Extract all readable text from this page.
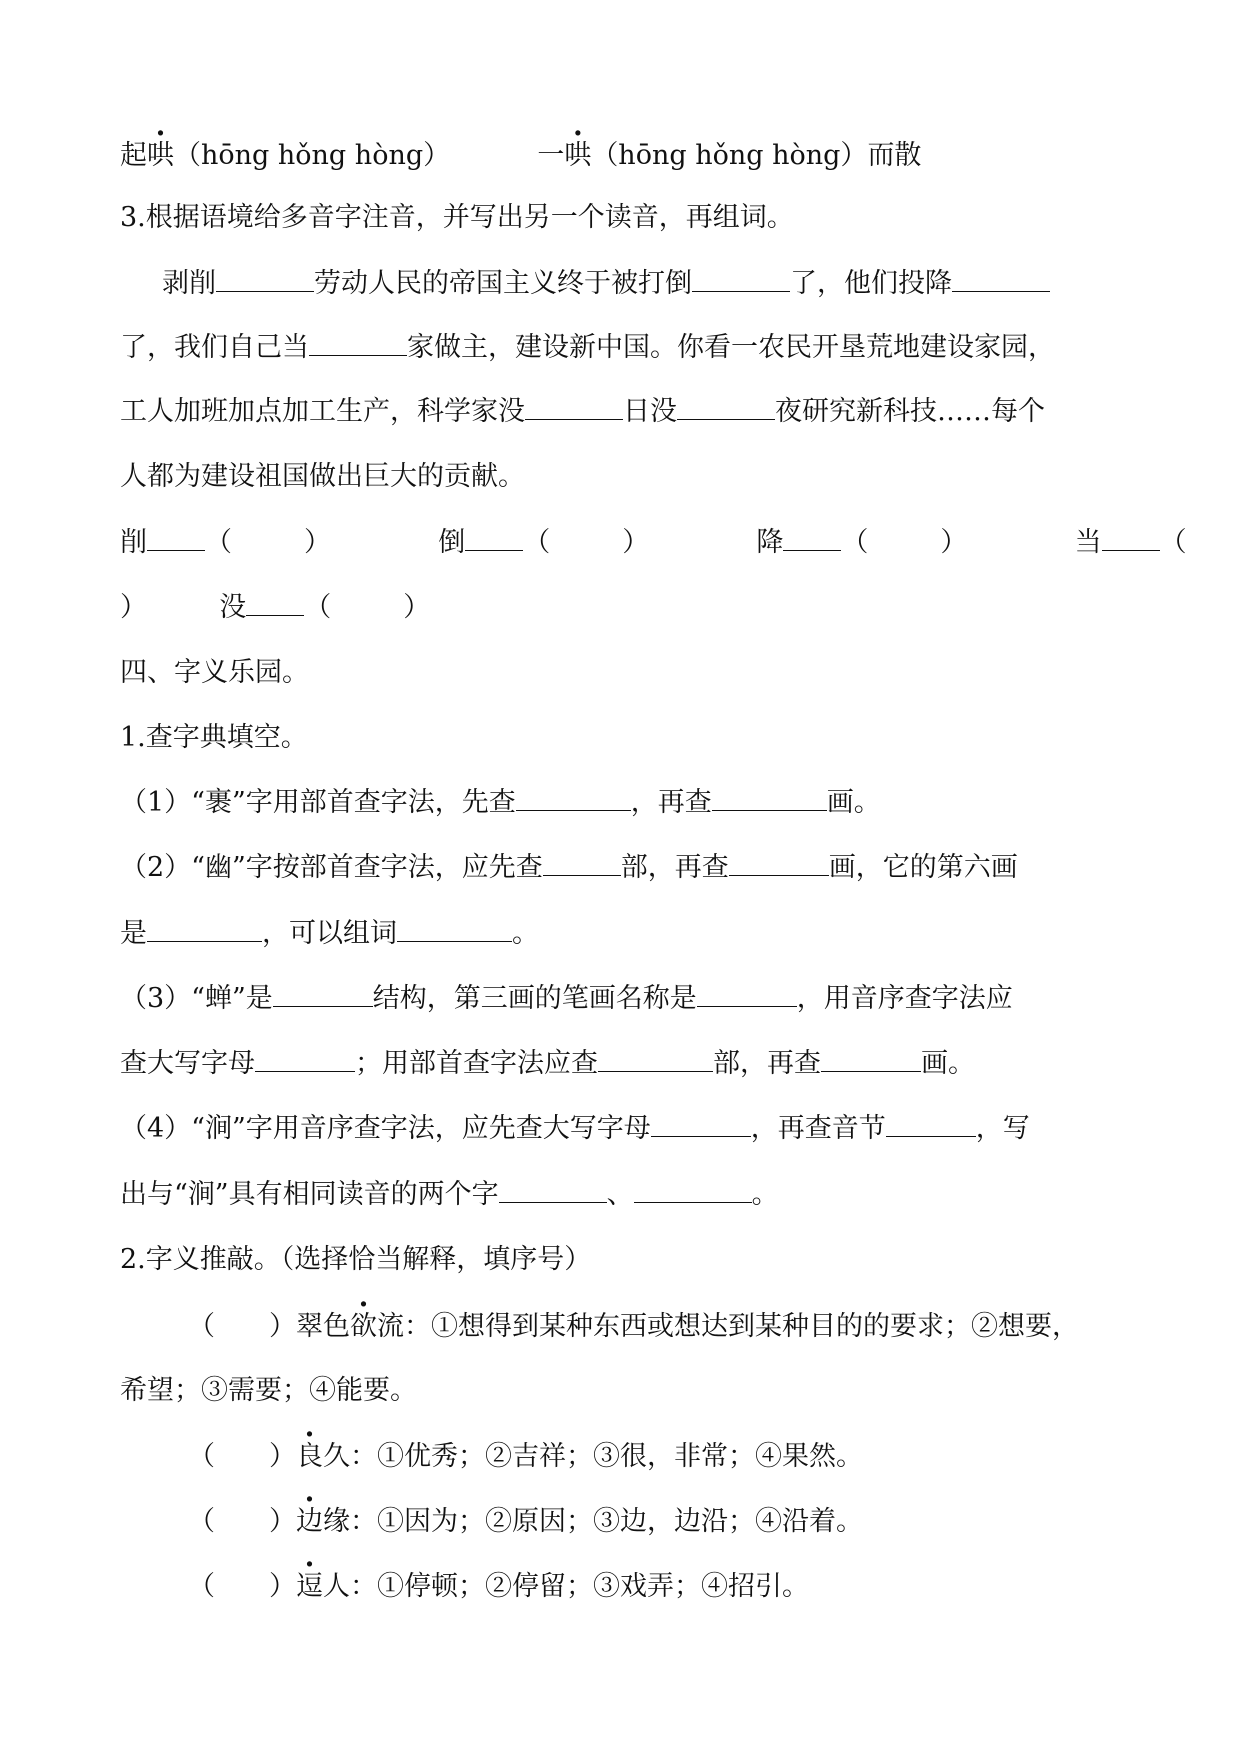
起哄（hōng hǒng hòng）	一哄（hōng hǒng hòng）而散
3.根据语境给多音字注音，并写出另一个读音，再组词。
剥削	劳动人民的帝国主义终于被打倒	了，他们投降
了，我们自己当	家做主，建设新中国。你看一农民开垦荒地建设家园，
工人加班加点加工生产，科学家没	日没	夜研究新科技……每个
人都为建设祖国做出巨大的贡献。
削 （	）	倒 （	）	降 （	）	当 （
）	没 （	）
四、字义乐园。
1.查字典填空。
（1）“裹”字用部首查字法，先查	，再查	画。
（2）“幽”字按部首查字法，应先查	部，再查	画，它的第六画
是	，可以组词	。
（3）“蝉”是	结构，第三画的笔画名称是	，用音序查字法应
查大写字母	；用部首查字法应查	部，再查	画。
（4）“涧”字用音序查字法，应先查大写字母	，再查音节	，写
出与“涧”具有相同读音的两个字	、	。
2.字义推敲。（选择恰当解释，填序号）
（　　）翠色欲流：①想得到某种东西或想达到某种目的的要求；②想要，
希望；③需要；④能要。
（　　）良久：①优秀；②吉祥；③很，非常；④果然。
（　　）边缘：①因为；②原因；③边，边沿；④沿着。
（　　）逗人：①停顿；②停留；③戏弄；④招引。
